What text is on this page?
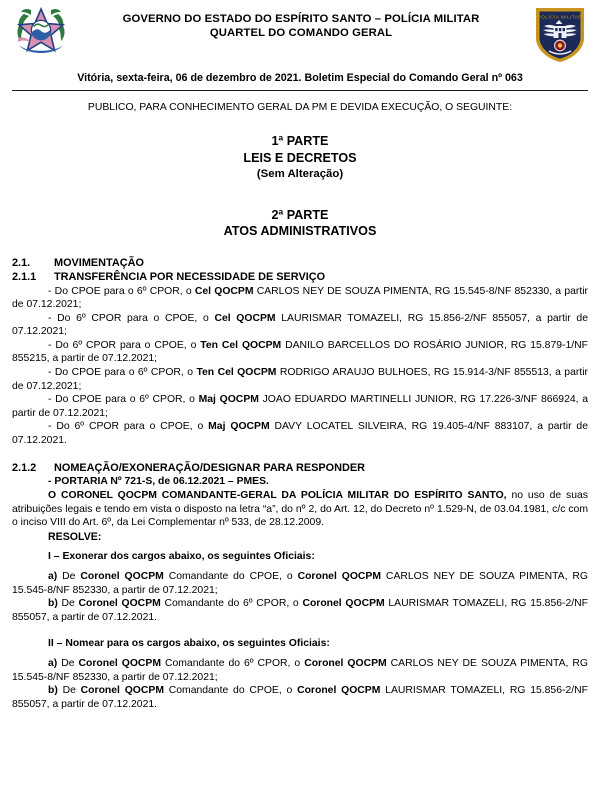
GOVERNO DO ESTADO DO ESPÍRITO SANTO – POLÍCIA MILITAR
QUARTEL DO COMANDO GERAL
POLÍCIA MILITAR
Vitória, sexta-feira, 06 de dezembro de 2021. Boletim Especial do Comando Geral nº 063
PUBLICO, PARA CONHECIMENTO GERAL DA PM E DEVIDA EXECUÇÃO, O SEGUINTE:
1ª PARTE
LEIS E DECRETOS
(Sem Alteração)
2ª PARTE
ATOS ADMINISTRATIVOS
2.1.	MOVIMENTAÇÃO
2.1.1	TRANSFERÊNCIA POR NECESSIDADE DE SERVIÇO

- Do CPOE para o 6º CPOR, o Cel QOCPM CARLOS NEY DE SOUZA PIMENTA, RG 15.545-8/NF 852330, a partir de 07.12.2021;

- Do 6º CPOR para o CPOE, o Cel QOCPM LAURISMAR TOMAZELI, RG 15.856-2/NF 855057, a partir de 07.12.2021;

- Do 6º CPOR para o CPOE, o Ten Cel QOCPM DANILO BARCELLOS DO ROSÁRIO JUNIOR, RG 15.879-1/NF 855215, a partir de 07.12.2021;

- Do CPOE para o 6º CPOR, o Ten Cel QOCPM RODRIGO ARAUJO BULHOES, RG 15.914-3/NF 855513, a partir de 07.12.2021;

- Do CPOE para o 6º CPOR, o Maj QOCPM JOAO EDUARDO MARTINELLI JUNIOR, RG 17.226-3/NF 866924, a partir de 07.12.2021;

- Do 6º CPOR para o CPOE, o Maj QOCPM DAVY LOCATEL SILVEIRA, RG 19.405-4/NF 883107, a partir de 07.12.2021.

2.1.2	NOMEAÇÃO/EXONERAÇÃO/DESIGNAR PARA RESPONDER
- PORTARIA Nº 721-S, de 06.12.2021 – PMES.

O CORONEL QOCPM COMANDANTE-GERAL DA POLÍCIA MILITAR DO ESPÍRITO SANTO, no uso de suas atribuições legais e tendo em vista o disposto na letra “a”, do nº 2, do Art. 12, do Decreto nº 1.529-N, de 03.04.1981, c/c com o inciso VIII do Art. 6º, da Lei Complementar nº 533, de 28.12.2009.

RESOLVE:
I – Exonerar dos cargos abaixo, os seguintes Oficiais:

a) De Coronel QOCPM Comandante do CPOE, o Coronel QOCPM CARLOS NEY DE SOUZA PIMENTA, RG 15.545-8/NF 852330, a partir de 07.12.2021;

b) De Coronel QOCPM Comandante do 6º CPOR, o Coronel QOCPM LAURISMAR TOMAZELI, RG 15.856-2/NF 855057, a partir de 07.12.2021.

II – Nomear para os cargos abaixo, os seguintes Oficiais:

a) De Coronel QOCPM Comandante do 6º CPOR, o Coronel QOCPM CARLOS NEY DE SOUZA PIMENTA, RG 15.545-8/NF 852330, a partir de 07.12.2021;

b) De Coronel QOCPM Comandante do CPOE, o Coronel QOCPM LAURISMAR TOMAZELI, RG 15.856-2/NF 855057, a partir de 07.12.2021.
